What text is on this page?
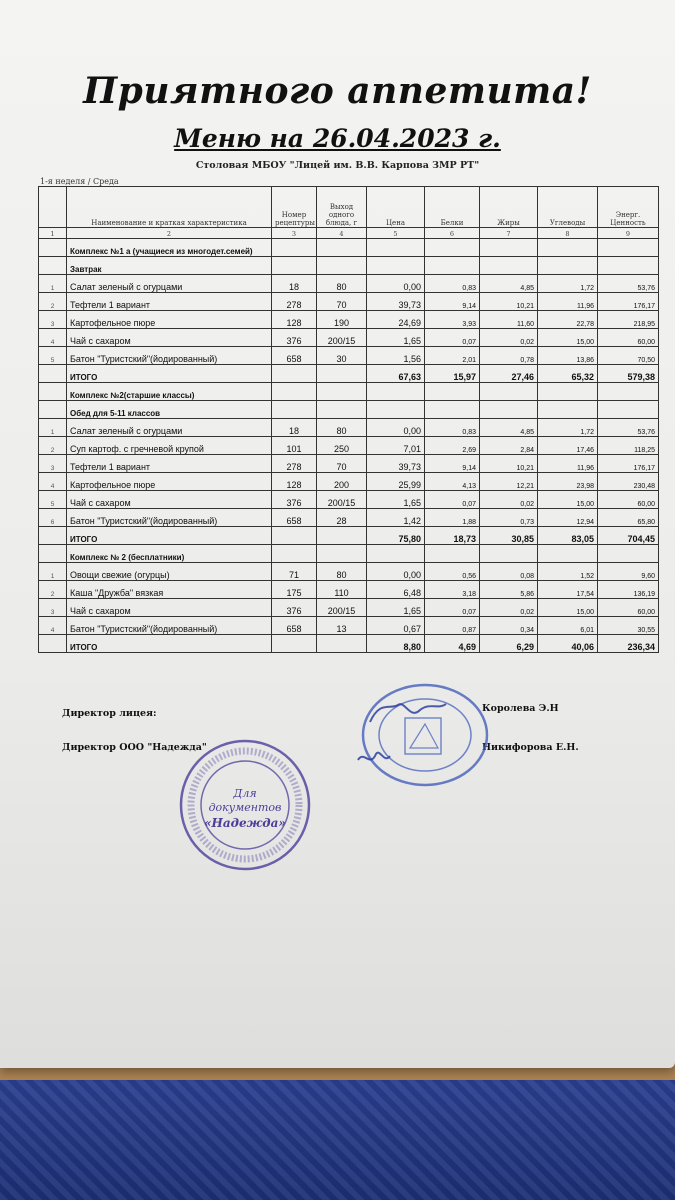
Приятного аппетита!
Меню на 26.04.2023 г.
Столовая МБОУ "Лицей им. В.В. Карпова ЗМР РТ"
1-я неделя / Среда
	Наименование и краткая характеристика	Номер рецептуры	Выход одного блюда, г	Цена	Белки	Жиры	Углеводы	Энерг. Ценность
1	2	3	4	5	6	7	8	9
	Комплекс №1 а (учащиеся из многодет.семей)							
	Завтрак							
1	Салат зеленый с огурцами	18	80	0,00	0,83	4,85	1,72	53,76
2	Тефтели 1 вариант	278	70	39,73	9,14	10,21	11,96	176,17
3	Картофельное пюре	128	190	24,69	3,93	11,60	22,78	218,95
4	Чай с сахаром	376	200/15	1,65	0,07	0,02	15,00	60,00
5	Батон "Туристский"(йодированный)	658	30	1,56	2,01	0,78	13,86	70,50
	ИТОГО			67,63	15,97	27,46	65,32	579,38
	Комплекс №2(старшие классы)							
	Обед для 5-11 классов							
1	Салат зеленый с огурцами	18	80	0,00	0,83	4,85	1,72	53,76
2	Суп картоф. с гречневой крупой	101	250	7,01	2,69	2,84	17,46	118,25
3	Тефтели 1 вариант	278	70	39,73	9,14	10,21	11,96	176,17
4	Картофельное пюре	128	200	25,99	4,13	12,21	23,98	230,48
5	Чай с сахаром	376	200/15	1,65	0,07	0,02	15,00	60,00
6	Батон "Туристский"(йодированный)	658	28	1,42	1,88	0,73	12,94	65,80
	ИТОГО			75,80	18,73	30,85	83,05	704,45
	Комплекс № 2 (бесплатники)							
1	Овощи свежие (огурцы)	71	80	0,00	0,56	0,08	1,52	9,60
2	Каша "Дружба" вязкая	175	110	6,48	3,18	5,86	17,54	136,19
3	Чай с сахаром	376	200/15	1,65	0,07	0,02	15,00	60,00
4	Батон "Туристский"(йодированный)	658	13	0,67	0,87	0,34	6,01	30,55
	ИТОГО			8,80	4,69	6,29	40,06	236,34
Директор лицея:	Королева Э.Н
Директор ООО "Надежда"	Никифорова Е.Н.
Для
документов
«Надежда»
